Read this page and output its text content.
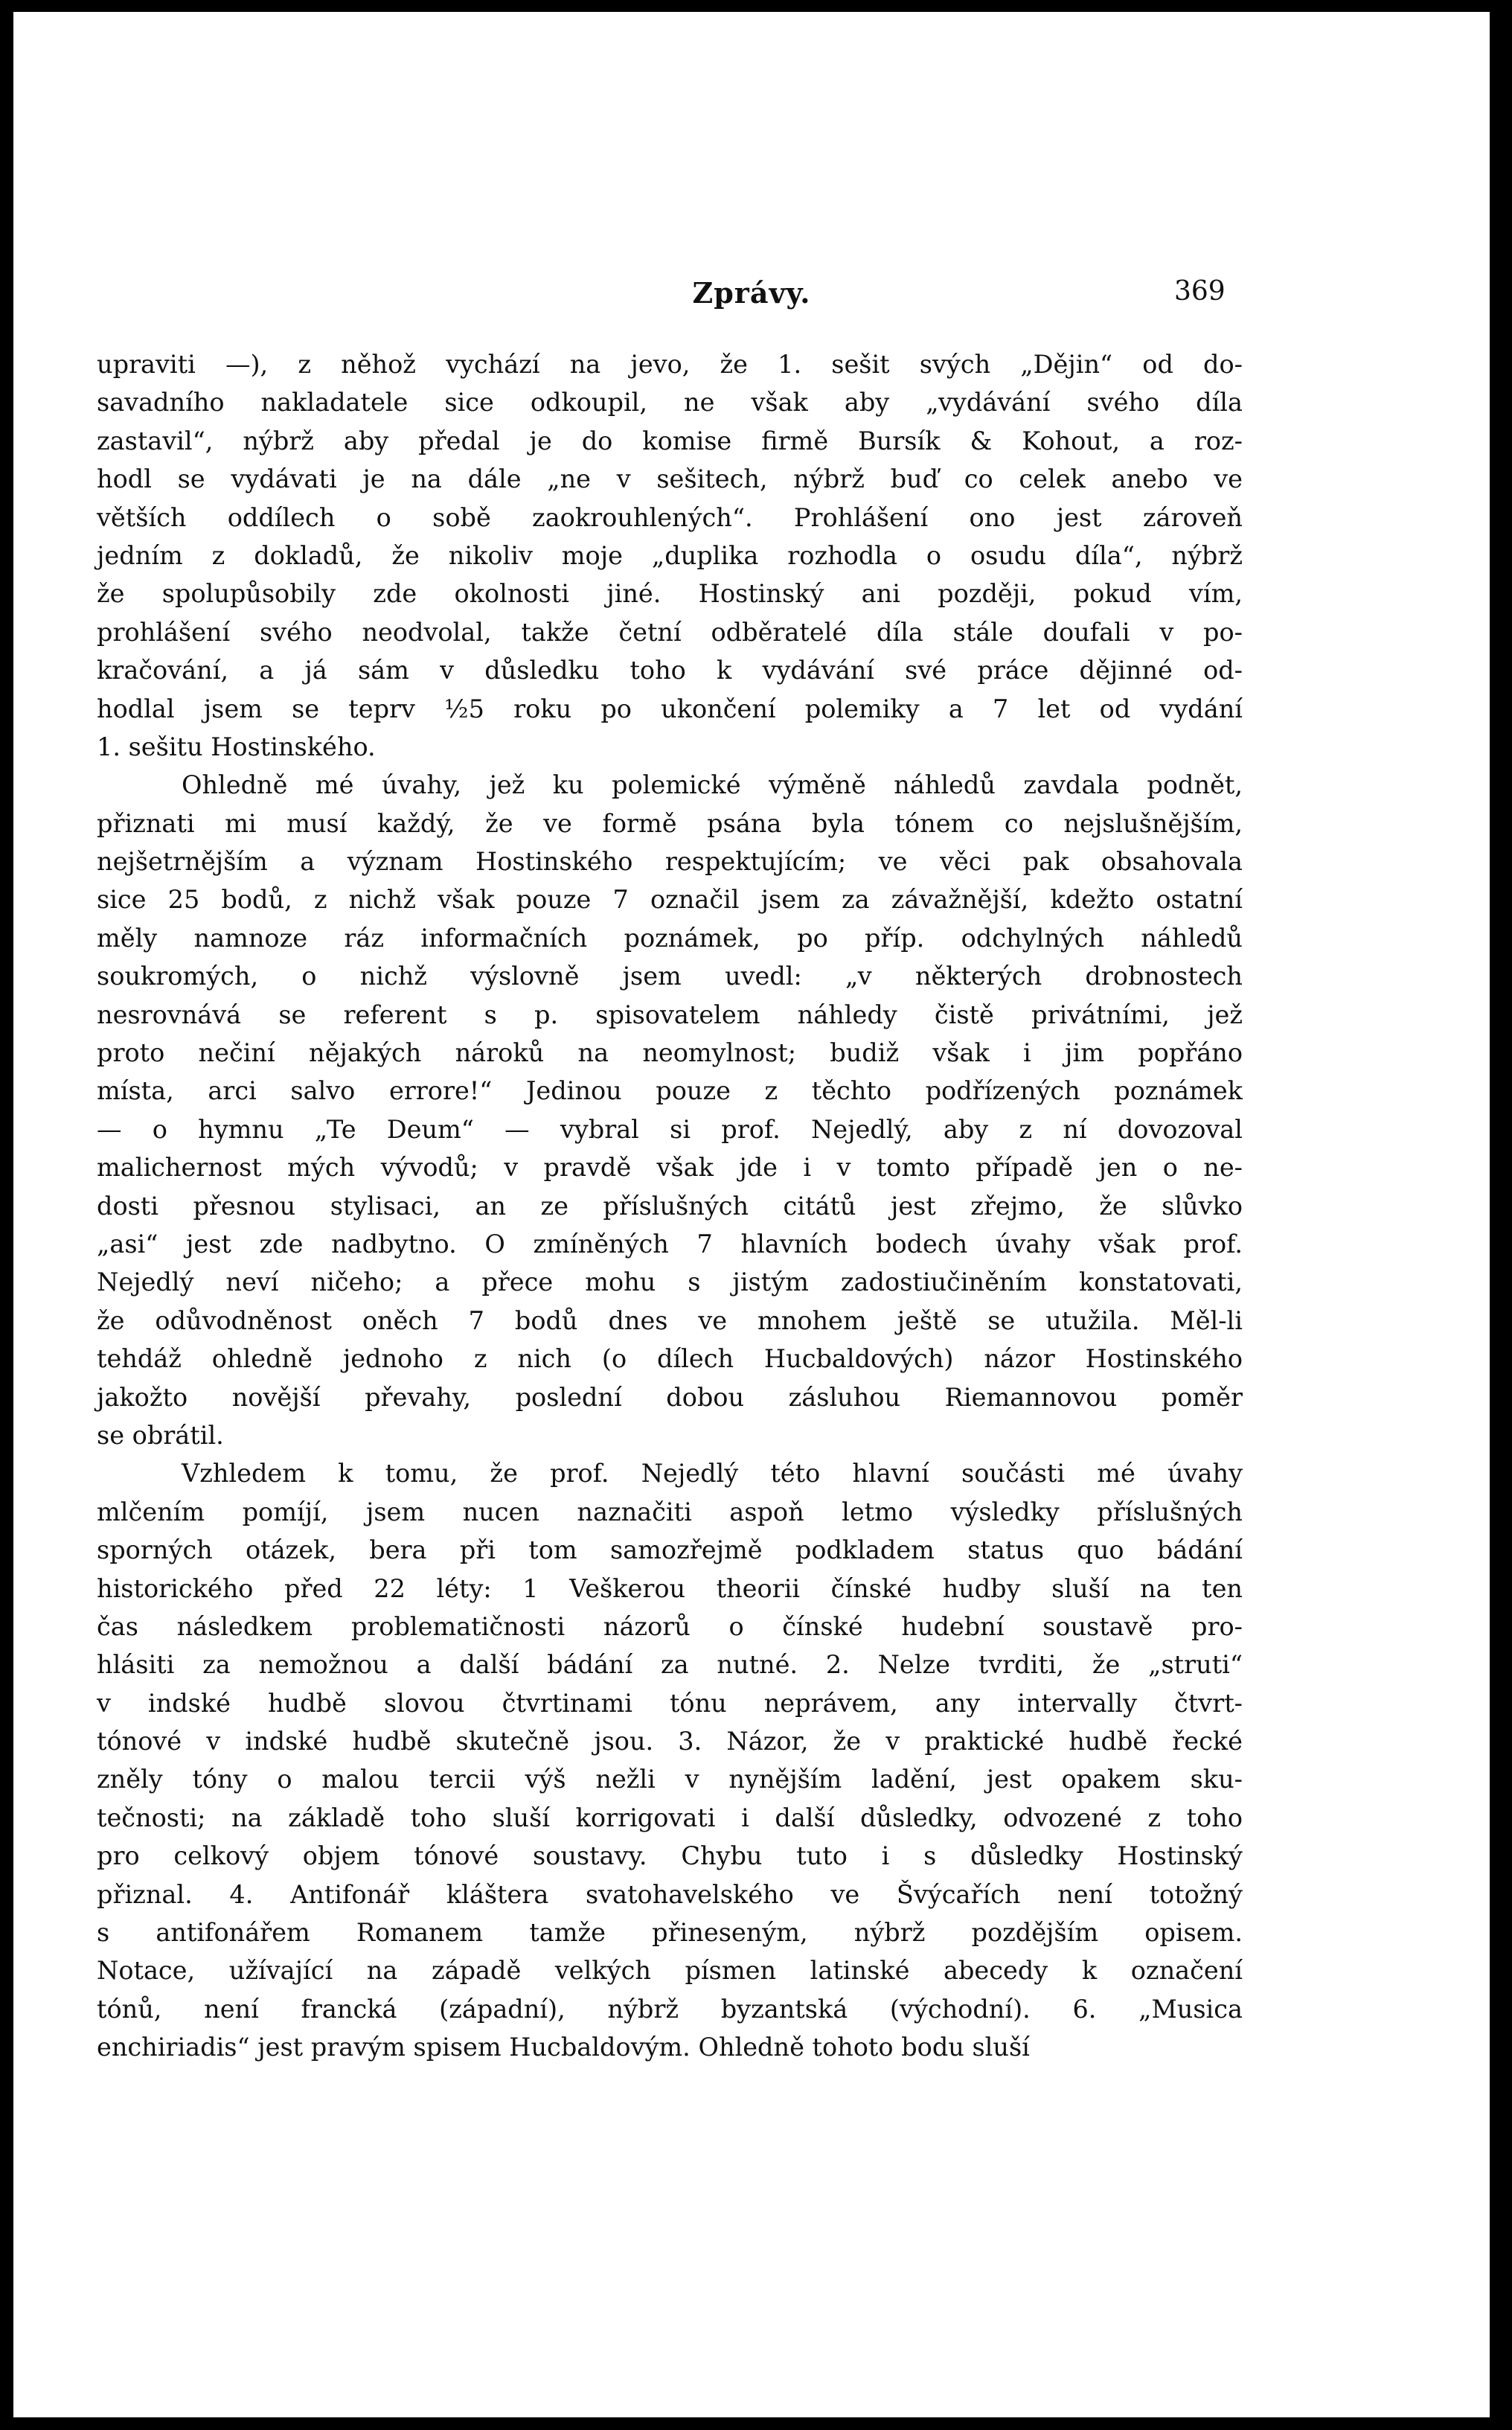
Zprávy.	369
upraviti —), z něhož vychází na jevo, že 1. sešit svých „Dějin“ od do-
savadního nakladatele sice odkoupil, ne však aby „vydávání svého díla
zastavil“, nýbrž aby předal je do komise firmě Bursík & Kohout, a roz-
hodl se vydávati je na dále „ne v sešitech, nýbrž buď co celek anebo ve
větších oddílech o sobě zaokrouhlených“. Prohlášení ono jest zároveň
jedním z dokladů, že nikoliv moje „duplika rozhodla o osudu díla“, nýbrž
že spolupůsobily zde okolnosti jiné. Hostinský ani později, pokud vím,
prohlášení svého neodvolal, takže četní odběratelé díla stále doufali v po-
kračování, a já sám v důsledku toho k vydávání své práce dějinné od-
hodlal jsem se teprv ½5 roku po ukončení polemiky a 7 let od vydání
1. sešitu Hostinského.
Ohledně mé úvahy, jež ku polemické výměně náhledů zavdala podnět,
přiznati mi musí každý, že ve formě psána byla tónem co nejslušnějším,
nejšetrnějším a význam Hostinského respektujícím; ve věci pak obsahovala
sice 25 bodů, z nichž však pouze 7 označil jsem za závažnější, kdežto ostatní
měly namnoze ráz informačních poznámek, po příp. odchylných náhledů
soukromých, o nichž výslovně jsem uvedl: „v některých drobnostech
nesrovnává se referent s p. spisovatelem náhledy čistě privátními, jež
proto nečiní nějakých nároků na neomylnost; budiž však i jim popřáno
místa, arci salvo errore!“ Jedinou pouze z těchto podřízených poznámek
— o hymnu „Te Deum“ — vybral si prof. Nejedlý, aby z ní dovozoval
malichernost mých vývodů; v pravdě však jde i v tomto případě jen o ne-
dosti přesnou stylisaci, an ze příslušných citátů jest zřejmo, že slůvko
„asi“ jest zde nadbytno. O zmíněných 7 hlavních bodech úvahy však prof.
Nejedlý neví ničeho; a přece mohu s jistým zadostiučiněním konstatovati,
že odůvodněnost oněch 7 bodů dnes ve mnohem ještě se utužila. Měl-li
tehdáž ohledně jednoho z nich (o dílech Hucbaldových) názor Hostinského
jakožto novější převahy, poslední dobou zásluhou Riemannovou poměr
se obrátil.
Vzhledem k tomu, že prof. Nejedlý této hlavní součásti mé úvahy
mlčením pomíjí, jsem nucen naznačiti aspoň letmo výsledky příslušných
sporných otázek, bera při tom samozřejmě podkladem status quo bádání
historického před 22 léty: 1 Veškerou theorii čínské hudby sluší na ten
čas následkem problematičnosti názorů o čínské hudební soustavě pro-
hlásiti za nemožnou a další bádání za nutné. 2. Nelze tvrditi, že „struti“
v indské hudbě slovou čtvrtinami tónu neprávem, any intervally čtvrt-
tónové v indské hudbě skutečně jsou. 3. Názor, že v praktické hudbě řecké
zněly tóny o malou tercii výš nežli v nynějším ladění, jest opakem sku-
tečnosti; na základě toho sluší korrigovati i další důsledky, odvozené z toho
pro celkový objem tónové soustavy. Chybu tuto i s důsledky Hostinský
přiznal. 4. Antifonář kláštera svatohavelského ve Švýcařích není totožný
s antifonářem Romanem tamže přineseným, nýbrž pozdějším opisem.
Notace, užívající na západě velkých písmen latinské abecedy k označení
tónů, není francká (západní), nýbrž byzantská (východní). 6. „Musica
enchiriadis“ jest pravým spisem Hucbaldovým. Ohledně tohoto bodu sluší
